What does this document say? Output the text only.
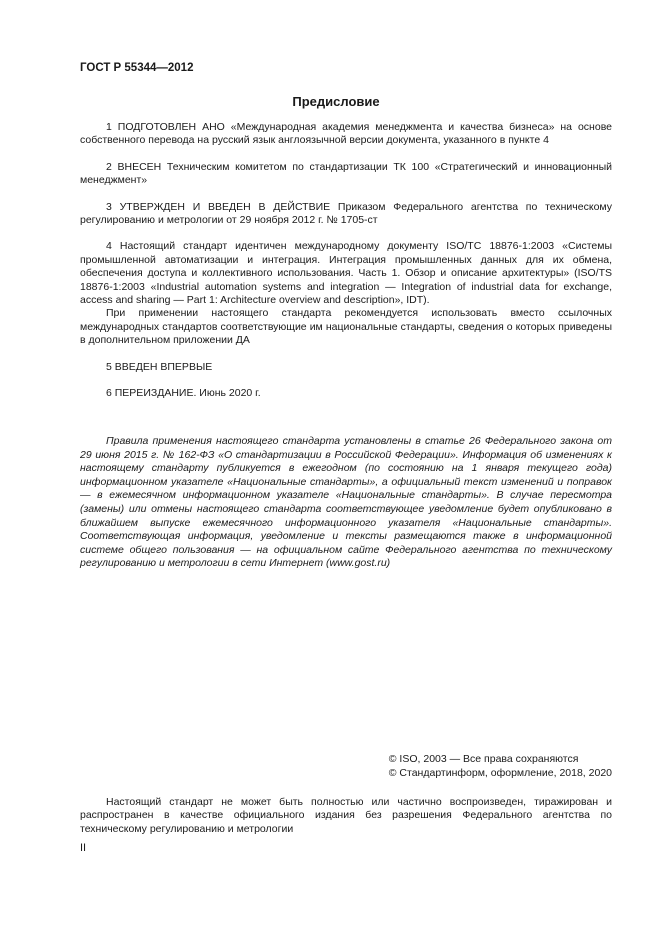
ГОСТ Р 55344—2012
Предисловие

1 ПОДГОТОВЛЕН АНО «Международная академия менеджмента и качества бизнеса» на основе собственного перевода на русский язык англоязычной версии документа, указанного в пункте 4

2 ВНЕСЕН Техническим комитетом по стандартизации ТК 100 «Стратегический и инновационный менеджмент»

3 УТВЕРЖДЕН И ВВЕДЕН В ДЕЙСТВИЕ Приказом Федерального агентства по техническому регулированию и метрологии от 29 ноября 2012 г. № 1705-ст

4 Настоящий стандарт идентичен международному документу ISO/TC 18876-1:2003 «Системы промышленной автоматизации и интеграция. Интеграция промышленных данных для их обмена, обеспечения доступа и коллективного использования. Часть 1. Обзор и описание архитектуры» (ISO/TS 18876-1:2003 «Industrial automation systems and integration — Integration of industrial data for exchange, access and sharing — Part 1: Architecture overview and description», IDT).

При применении настоящего стандарта рекомендуется использовать вместо ссылочных международных стандартов соответствующие им национальные стандарты, сведения о которых приведены в дополнительном приложении ДА

5 ВВЕДЕН ВПЕРВЫЕ

6 ПЕРЕИЗДАНИЕ. Июнь 2020 г.

Правила применения настоящего стандарта установлены в статье 26 Федерального закона от 29 июня 2015 г. № 162-ФЗ «О стандартизации в Российской Федерации». Информация об изменениях к настоящему стандарту публикуется в ежегодном (по состоянию на 1 января текущего года) информационном указателе «Национальные стандарты», а официальный текст изменений и поправок — в ежемесячном информационном указателе «Национальные стандарты». В случае пересмотра (замены) или отмены настоящего стандарта соответствующее уведомление будет опубликовано в ближайшем выпуске ежемесячного информационного указателя «Национальные стандарты». Соответствующая информация, уведомление и тексты размещаются также в информационной системе общего пользования — на официальном сайте Федерального агентства по техническому регулированию и метрологии в сети Интернет (www.gost.ru)

© ISO, 2003 — Все права сохраняются
© Стандартинформ, оформление, 2018, 2020

Настоящий стандарт не может быть полностью или частично воспроизведен, тиражирован и распространен в качестве официального издания без разрешения Федерального агентства по техническому регулированию и метрологии

II
